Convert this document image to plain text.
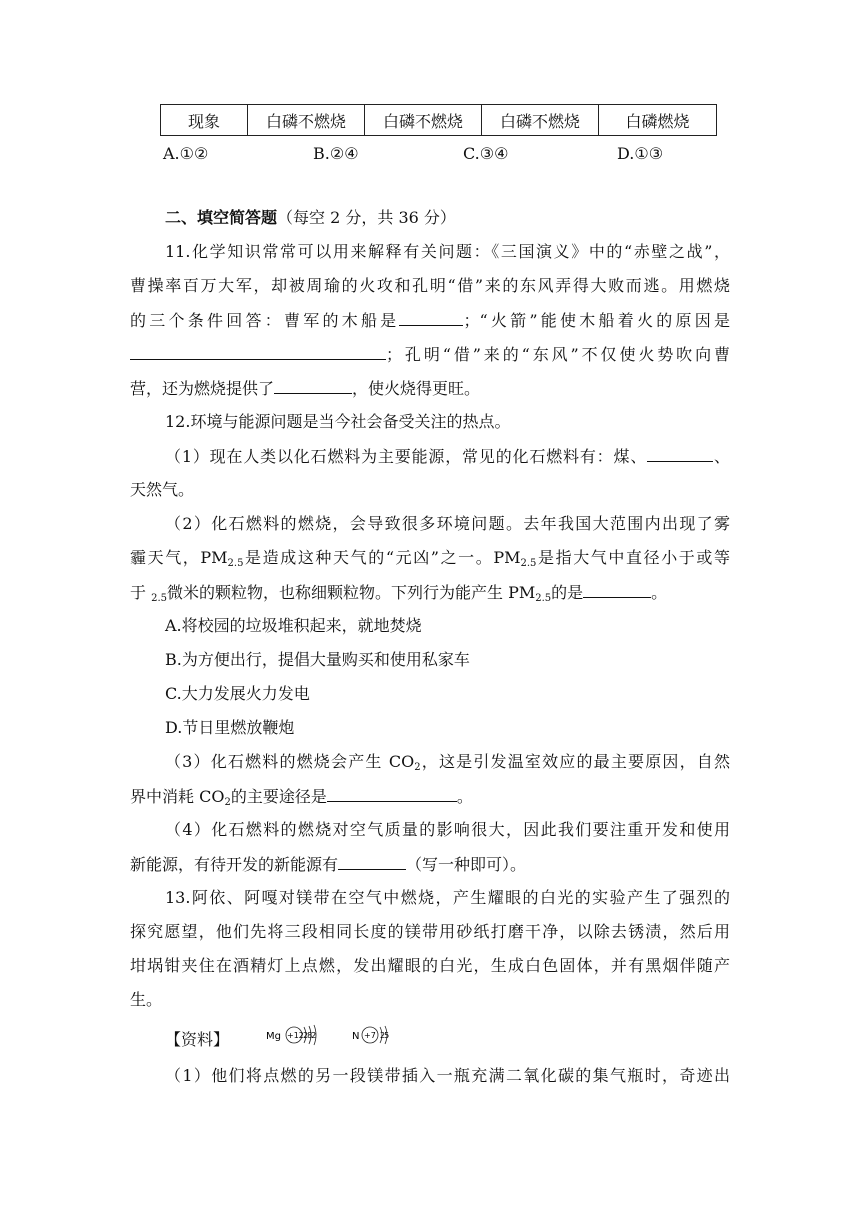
现象	白磷不燃烧	白磷不燃烧	白磷不燃烧	白磷燃烧
A.①②	B.②④	C.③④	D.①③
二、填空简答题（每空 2 分，共 36 分）
11.化学知识常常可以用来解释有关问题：《三国演义》中的“赤壁之战”，
曹操率百万大军，却被周瑜的火攻和孔明“借”来的东风弄得大败而逃。用燃烧
的三个条件回答：曹军的木船是	；“火箭”能使木船着火的原因是
；孔明“借”来的“东风”不仅使火势吹向曹
营，还为燃烧提供了	，使火烧得更旺。
12.环境与能源问题是当今社会备受关注的热点。
（1）现在人类以化石燃料为主要能源，常见的化石燃料有：煤、	、
天然气。
（2）化石燃料的燃烧，会导致很多环境问题。去年我国大范围内出现了雾
霾天气，$PM_{2.5}$是造成这种天气的“元凶”之一。$PM_{2.5}$是指大气中直径小于或等
于 $_{2.5}$微米的颗粒物，也称细颗粒物。下列行为能产生 $PM_{2.5}$的是	。
A.将校园的垃圾堆积起来，就地焚烧
B.为方便出行，提倡大量购买和使用私家车
C.大力发展火力发电
D.节日里燃放鞭炮
（3）化石燃料的燃烧会产生 $CO_2$，这是引发温室效应的最主要原因，自然
界中消耗 $CO_2$的主要途径是	。
（4）化石燃料的燃烧对空气质量的影响很大，因此我们要注重开发和使用
新能源，有待开发的新能源有	（写一种即可）。
13.阿依、阿嘎对镁带在空气中燃烧，产生耀眼的白光的实验产生了强烈的
探究愿望，他们先将三段相同长度的镁带用砂纸打磨干净，以除去锈渍，然后用
坩埚钳夹住在酒精灯上点燃，发出耀眼的白光，生成白色固体，并有黑烟伴随产
生。
【资料】	Mg +12 282	N +7 25
（1）他们将点燃的另一段镁带插入一瓶充满二氧化碳的集气瓶时，奇迹出
